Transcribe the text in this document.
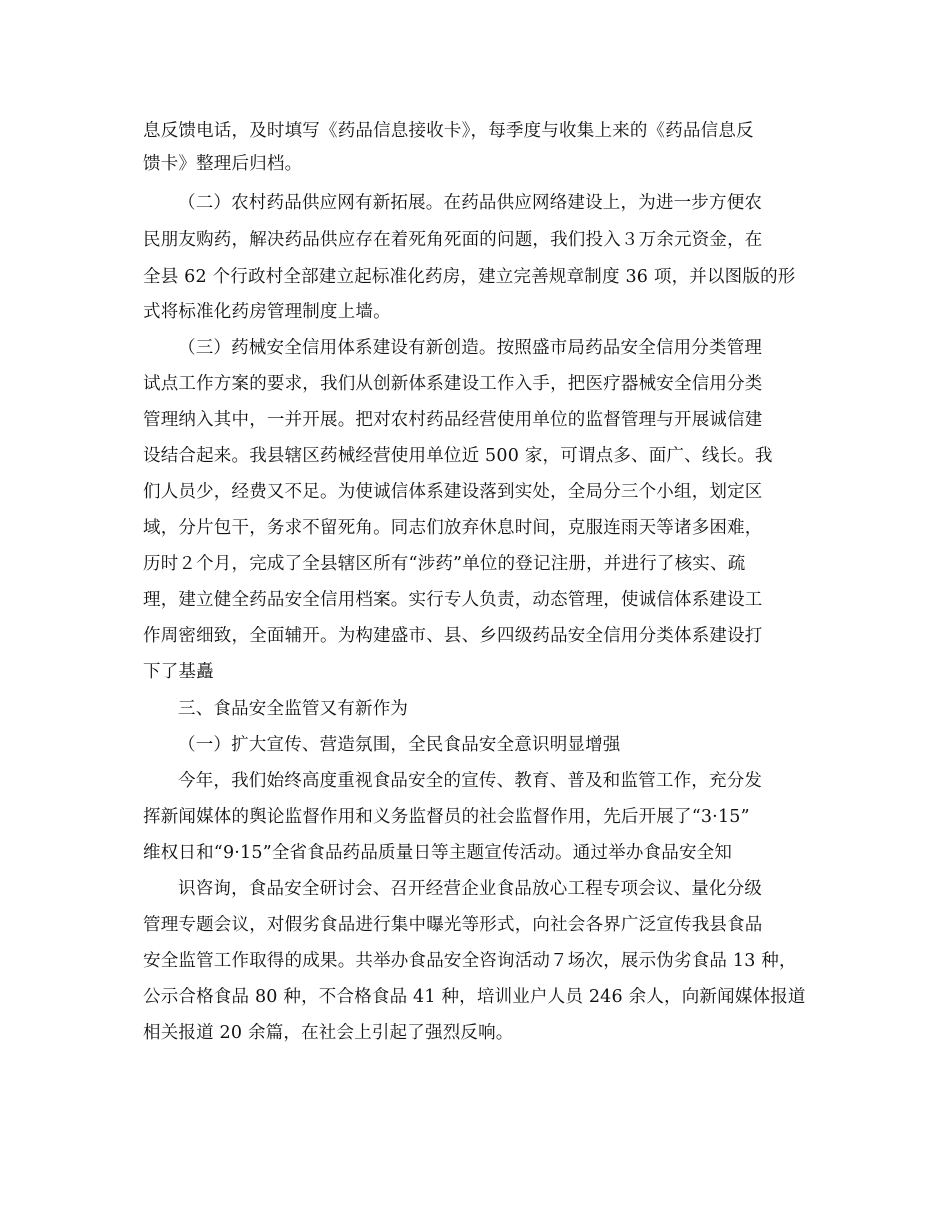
息反馈电话，及时填写《药品信息接收卡》，每季度与收集上来的《药品信息反
馈卡》整理后归档。
（二）农村药品供应网有新拓展。在药品供应网络建设上，为进一步方便农
民朋友购药，解决药品供应存在着死角死面的问题，我们投入３万余元资金，在
全县 62 个行政村全部建立起标准化药房，建立完善规章制度 36 项，并以图版的形
式将标准化药房管理制度上墙。
（三）药械安全信用体系建设有新创造。按照盛市局药品安全信用分类管理
试点工作方案的要求，我们从创新体系建设工作入手，把医疗器械安全信用分类
管理纳入其中，一并开展。把对农村药品经营使用单位的监督管理与开展诚信建
设结合起来。我县辖区药械经营使用单位近 500 家，可谓点多、面广、线长。我
们人员少，经费又不足。为使诚信体系建设落到实处，全局分三个小组，划定区
域，分片包干，务求不留死角。同志们放弃休息时间，克服连雨天等诸多困难，
历时２个月，完成了全县辖区所有“涉药”单位的登记注册，并进行了核实、疏
理，建立健全药品安全信用档案。实行专人负责，动态管理，使诚信体系建设工
作周密细致，全面辅开。为构建盛市、县、乡四级药品安全信用分类体系建设打
下了基矗
三、食品安全监管又有新作为
（一）扩大宣传、营造氛围，全民食品安全意识明显增强
今年，我们始终高度重视食品安全的宣传、教育、普及和监管工作，充分发
挥新闻媒体的舆论监督作用和义务监督员的社会监督作用，先后开展了“3·15”
维权日和“9·15”全省食品药品质量日等主题宣传活动。通过举办食品安全知
识咨询，食品安全研讨会、召开经营企业食品放心工程专项会议、量化分级
管理专题会议，对假劣食品进行集中曝光等形式，向社会各界广泛宣传我县食品
安全监管工作取得的成果。共举办食品安全咨询活动７场次，展示伪劣食品 13 种，
公示合格食品 80 种，不合格食品 41 种，培训业户人员 246 余人，向新闻媒体报道
相关报道 20 余篇，在社会上引起了强烈反响。
